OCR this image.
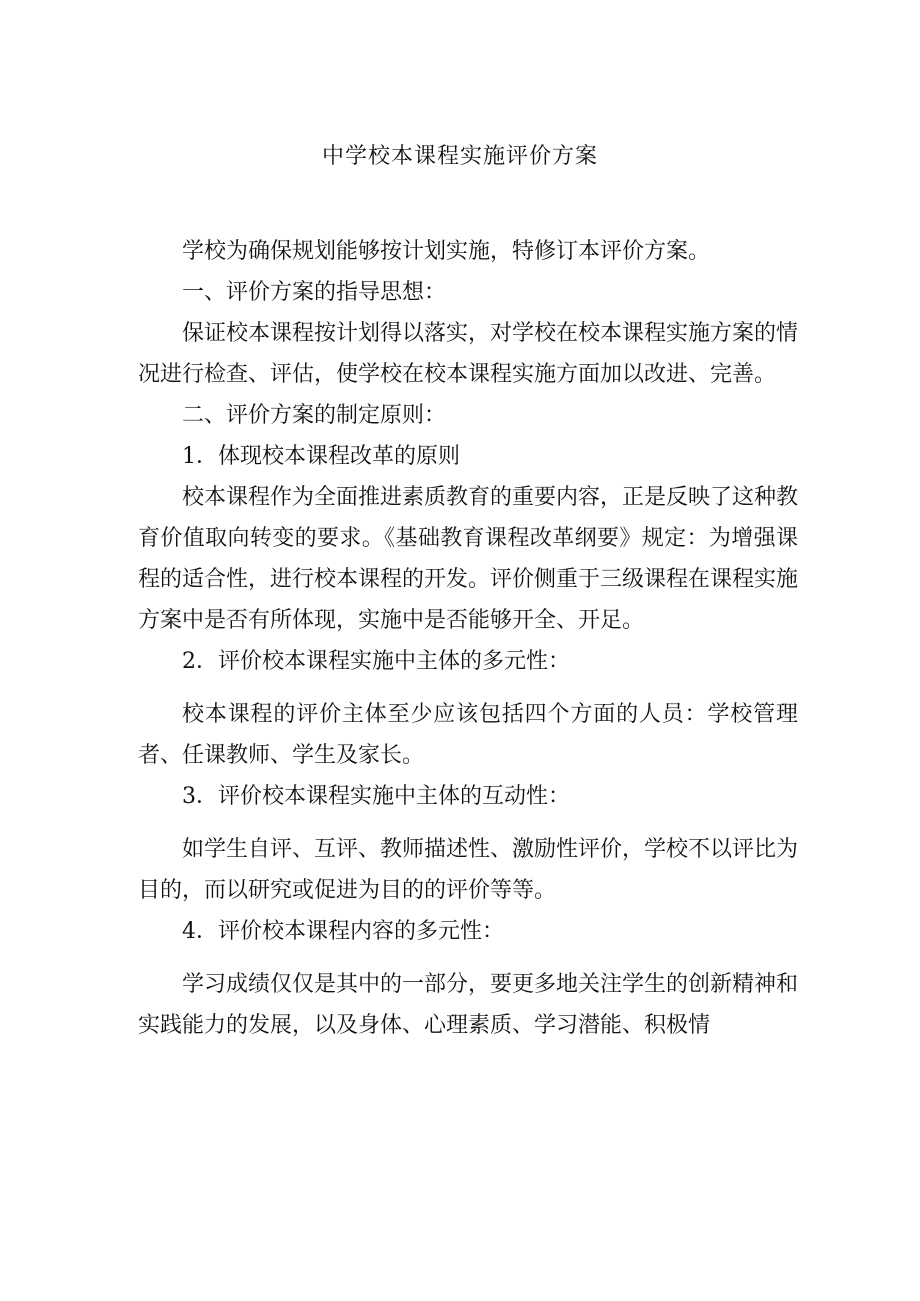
中学校本课程实施评价方案

学校为确保规划能够按计划实施，特修订本评价方案。

一、评价方案的指导思想：

保证校本课程按计划得以落实，对学校在校本课程实施方案的情况进行检查、评估，使学校在校本课程实施方面加以改进、完善。

二、评价方案的制定原则：

1．体现校本课程改革的原则

校本课程作为全面推进素质教育的重要内容，正是反映了这种教育价值取向转变的要求。《基础教育课程改革纲要》规定：为增强课程的适合性，进行校本课程的开发。评价侧重于三级课程在课程实施方案中是否有所体现，实施中是否能够开全、开足。

2．评价校本课程实施中主体的多元性：

校本课程的评价主体至少应该包括四个方面的人员：学校管理者、任课教师、学生及家长。

3．评价校本课程实施中主体的互动性：

如学生自评、互评、教师描述性、激励性评价，学校不以评比为目的，而以研究或促进为目的的评价等等。

4．评价校本课程内容的多元性：

学习成绩仅仅是其中的一部分，要更多地关注学生的创新精神和实践能力的发展，以及身体、心理素质、学习潜能、积极情
